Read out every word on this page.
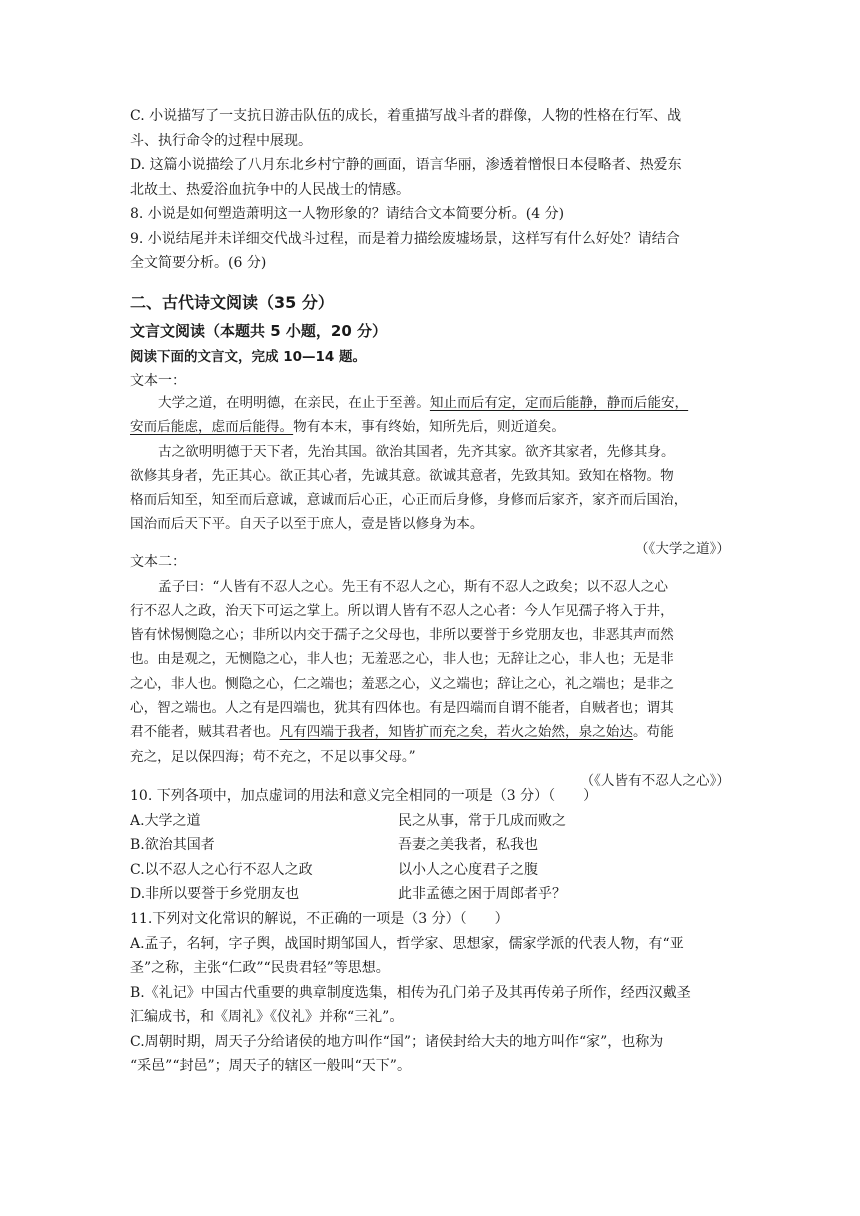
C. 小说描写了一支抗日游击队伍的成长，着重描写战斗者的群像，人物的性格在行军、战
斗、执行命令的过程中展现。
D. 这篇小说描绘了八月东北乡村宁静的画面，语言华丽，渗透着憎恨日本侵略者、热爱东
北故土、热爱浴血抗争中的人民战士的情感。
8. 小说是如何塑造萧明这一人物形象的？请结合文本简要分析。(4 分)
9. 小说结尾并未详细交代战斗过程，而是着力描绘废墟场景，这样写有什么好处？请结合
全文简要分析。(6 分)
二、古代诗文阅读（35 分）
文言文阅读（本题共 5 小题，20 分）
阅读下面的文言文，完成 10—14 题。
文本一：
大学之道，在明明德，在亲民，在止于至善。知止而后有定，定而后能静，静而后能安，
安而后能虑，虑而后能得。物有本末，事有终始，知所先后，则近道矣。
古之欲明明德于天下者，先治其国。欲治其国者，先齐其家。欲齐其家者，先修其身。
欲修其身者，先正其心。欲正其心者，先诚其意。欲诚其意者，先致其知。致知在格物。物
格而后知至，知至而后意诚，意诚而后心正，心正而后身修，身修而后家齐，家齐而后国治，
国治而后天下平。自天子以至于庶人，壹是皆以修身为本。
（《大学之道》）
文本二：
孟子曰：“人皆有不忍人之心。先王有不忍人之心，斯有不忍人之政矣；以不忍人之心
行不忍人之政，治天下可运之掌上。所以谓人皆有不忍人之心者：今人乍见孺子将入于井，
皆有怵惕恻隐之心；非所以内交于孺子之父母也，非所以要誉于乡党朋友也，非恶其声而然
也。由是观之，无恻隐之心，非人也；无羞恶之心，非人也；无辞让之心，非人也；无是非
之心，非人也。恻隐之心，仁之端也；羞恶之心，义之端也；辞让之心，礼之端也；是非之
心，智之端也。人之有是四端也，犹其有四体也。有是四端而自谓不能者，自贼者也；谓其
君不能者，贼其君者也。凡有四端于我者，知皆扩而充之矣，若火之始然，泉之始达。苟能
充之，足以保四海；苟不充之，不足以事父母。”
（《人皆有不忍人之心》）
10. 下列各项中，加点虚词的用法和意义完全相同的一项是（3 分）（　　）
A.大学之道	民之从事，常于几成而败之
B.欲治其国者	吾妻之美我者，私我也
C.以不忍人之心行不忍人之政	以小人之心度君子之腹
D.非所以要誉于乡党朋友也	此非孟德之困于周郎者乎？
11.下列对文化常识的解说，不正确的一项是（3 分）（　　）
A.孟子，名轲，字子舆，战国时期邹国人，哲学家、思想家，儒家学派的代表人物，有“亚
圣”之称，主张“仁政”“民贵君轻”等思想。
B.《礼记》中国古代重要的典章制度选集，相传为孔门弟子及其再传弟子所作，经西汉戴圣
汇编成书，和《周礼》《仪礼》并称“三礼”。
C.周朝时期，周天子分给诸侯的地方叫作“国”；诸侯封给大夫的地方叫作“家”，也称为
“采邑”“封邑”；周天子的辖区一般叫“天下”。
